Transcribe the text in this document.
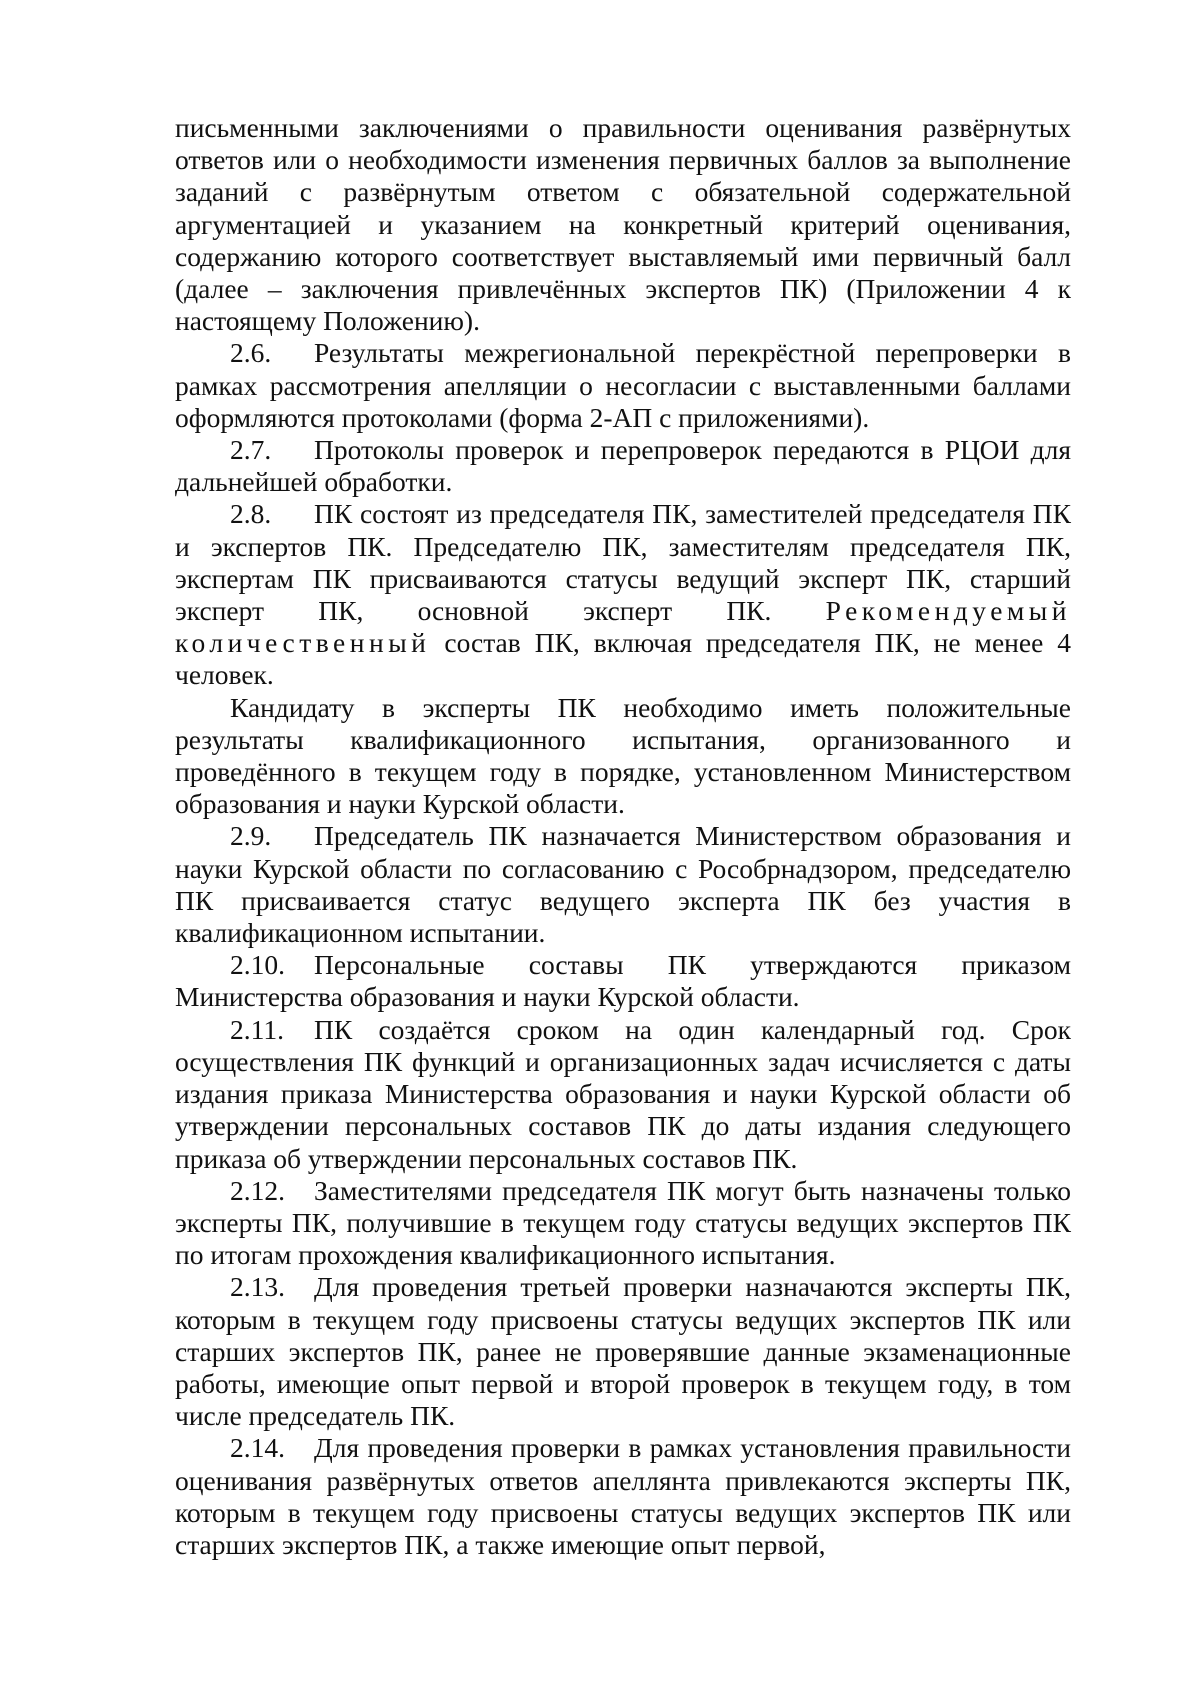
письменными заключениями о правильности оценивания развёрнутых ответов или о необходимости изменения первичных баллов за выполнение заданий с развёрнутым ответом с обязательной содержательной аргументацией и указанием на конкретный критерий оценивания, содержанию которого соответствует выставляемый ими первичный балл (далее – заключения привлечённых экспертов ПК) (Приложении 4 к настоящему Положению).

2.6. Результаты межрегиональной перекрёстной перепроверки в рамках рассмотрения апелляции о несогласии с выставленными баллами оформляются протоколами (форма 2-АП с приложениями).

2.7. Протоколы проверок и перепроверок передаются в РЦОИ для дальнейшей обработки.

2.8. ПК состоят из председателя ПК, заместителей председателя ПК и экспертов ПК. Председателю ПК, заместителям председателя ПК, экспертам ПК присваиваются статусы ведущий эксперт ПК, старший эксперт ПК, основной эксперт ПК. Рекомендуемый количественный состав ПК, включая председателя ПК, не менее 4 человек.

Кандидату в эксперты ПК необходимо иметь положительные результаты квалификационного испытания, организованного и проведённого в текущем году в порядке, установленном Министерством образования и науки Курской области.

2.9. Председатель ПК назначается Министерством образования и науки Курской области по согласованию с Рособрнадзором, председателю ПК присваивается статус ведущего эксперта ПК без участия в квалификационном испытании.

2.10. Персональные составы ПК утверждаются приказом Министерства образования и науки Курской области.

2.11. ПК создаётся сроком на один календарный год. Срок осуществления ПК функций и организационных задач исчисляется с даты издания приказа Министерства образования и науки Курской области об утверждении персональных составов ПК до даты издания следующего приказа об утверждении персональных составов ПК.

2.12. Заместителями председателя ПК могут быть назначены только эксперты ПК, получившие в текущем году статусы ведущих экспертов ПК по итогам прохождения квалификационного испытания.

2.13. Для проведения третьей проверки назначаются эксперты ПК, которым в текущем году присвоены статусы ведущих экспертов ПК или старших экспертов ПК, ранее не проверявшие данные экзаменационные работы, имеющие опыт первой и второй проверок в текущем году, в том числе председатель ПК.

2.14. Для проведения проверки в рамках установления правильности оценивания развёрнутых ответов апеллянта привлекаются эксперты ПК, которым в текущем году присвоены статусы ведущих экспертов ПК или старших экспертов ПК, а также имеющие опыт первой,
